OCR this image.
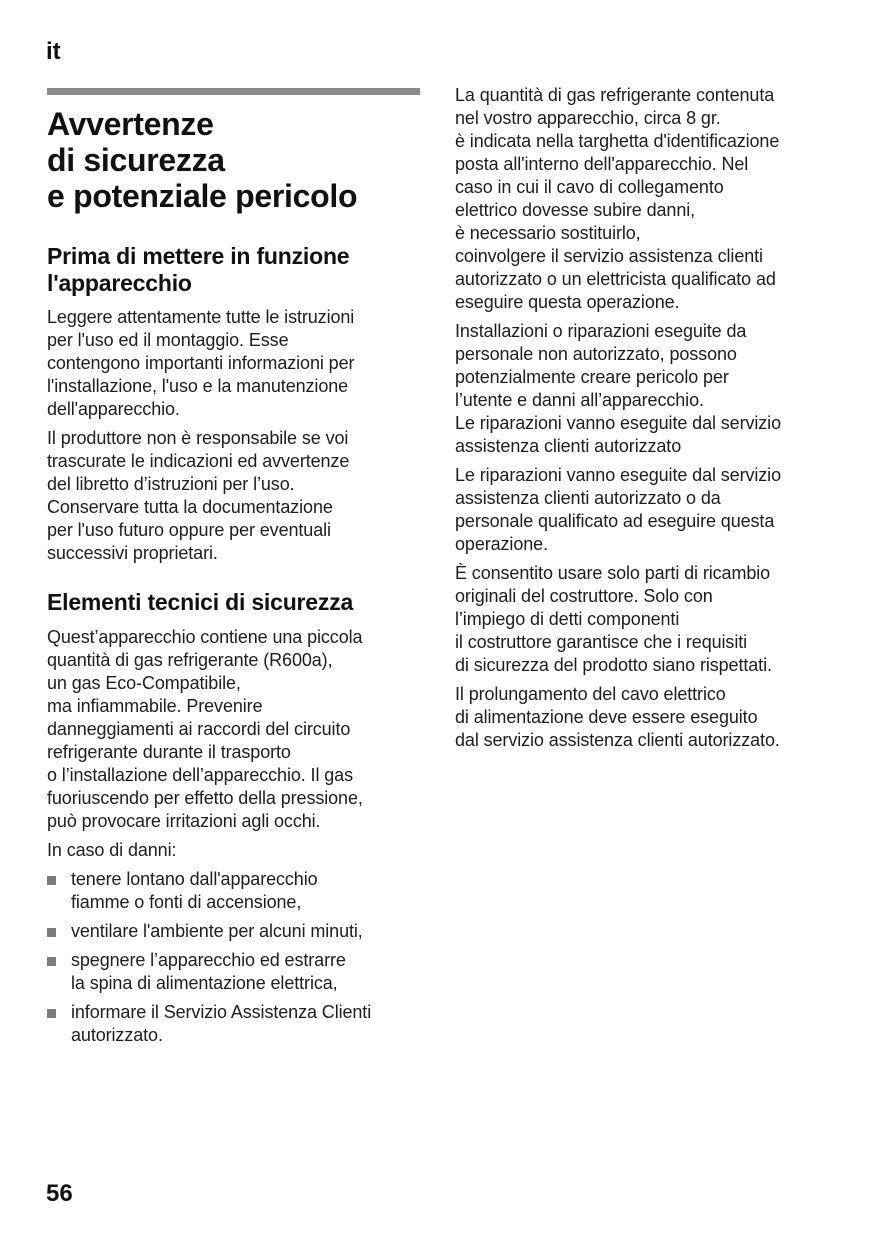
it
Avvertenze
di sicurezza
e potenziale pericolo
Prima di mettere in funzione
l'apparecchio

Leggere attentamente tutte le istruzioni
per l'uso ed il montaggio. Esse
contengono importanti informazioni per
l'installazione, l'uso e la manutenzione
dell'apparecchio.

Il produttore non è responsabile se voi
trascurate le indicazioni ed avvertenze
del libretto d’istruzioni per l’uso.
Conservare tutta la documentazione
per l'uso futuro oppure per eventuali
successivi proprietari.

Elementi tecnici di sicurezza

Quest’apparecchio contiene una piccola
quantità di gas refrigerante (R600a),
un gas Eco-Compatibile,
ma infiammabile. Prevenire
danneggiamenti ai raccordi del circuito
refrigerante durante il trasporto
o l’installazione dell’apparecchio. Il gas
fuoriuscendo per effetto della pressione,
può provocare irritazioni agli occhi.

In caso di danni:

tenere lontano dall'apparecchio
fiamme o fonti di accensione,
ventilare l'ambiente per alcuni minuti,
spegnere l’apparecchio ed estrarre
la spina di alimentazione elettrica,
informare il Servizio Assistenza Clienti
autorizzato.

La quantità di gas refrigerante contenuta
nel vostro apparecchio, circa 8 gr.
è indicata nella targhetta d'identificazione
posta all'interno dell'apparecchio. Nel
caso in cui il cavo di collegamento
elettrico dovesse subire danni,
è necessario sostituirlo,
coinvolgere il servizio assistenza clienti
autorizzato o un elettricista qualificato ad
eseguire questa operazione.

Installazioni o riparazioni eseguite da
personale non autorizzato, possono
potenzialmente creare pericolo per
l’utente e danni all’apparecchio.
Le riparazioni vanno eseguite dal servizio
assistenza clienti autorizzato

Le riparazioni vanno eseguite dal servizio
assistenza clienti autorizzato o da
personale qualificato ad eseguire questa
operazione.

È consentito usare solo parti di ricambio
originali del costruttore. Solo con
l’impiego di detti componenti
il costruttore garantisce che i requisiti
di sicurezza del prodotto siano rispettati.

Il prolungamento del cavo elettrico
di alimentazione deve essere eseguito
dal servizio assistenza clienti autorizzato.

56
